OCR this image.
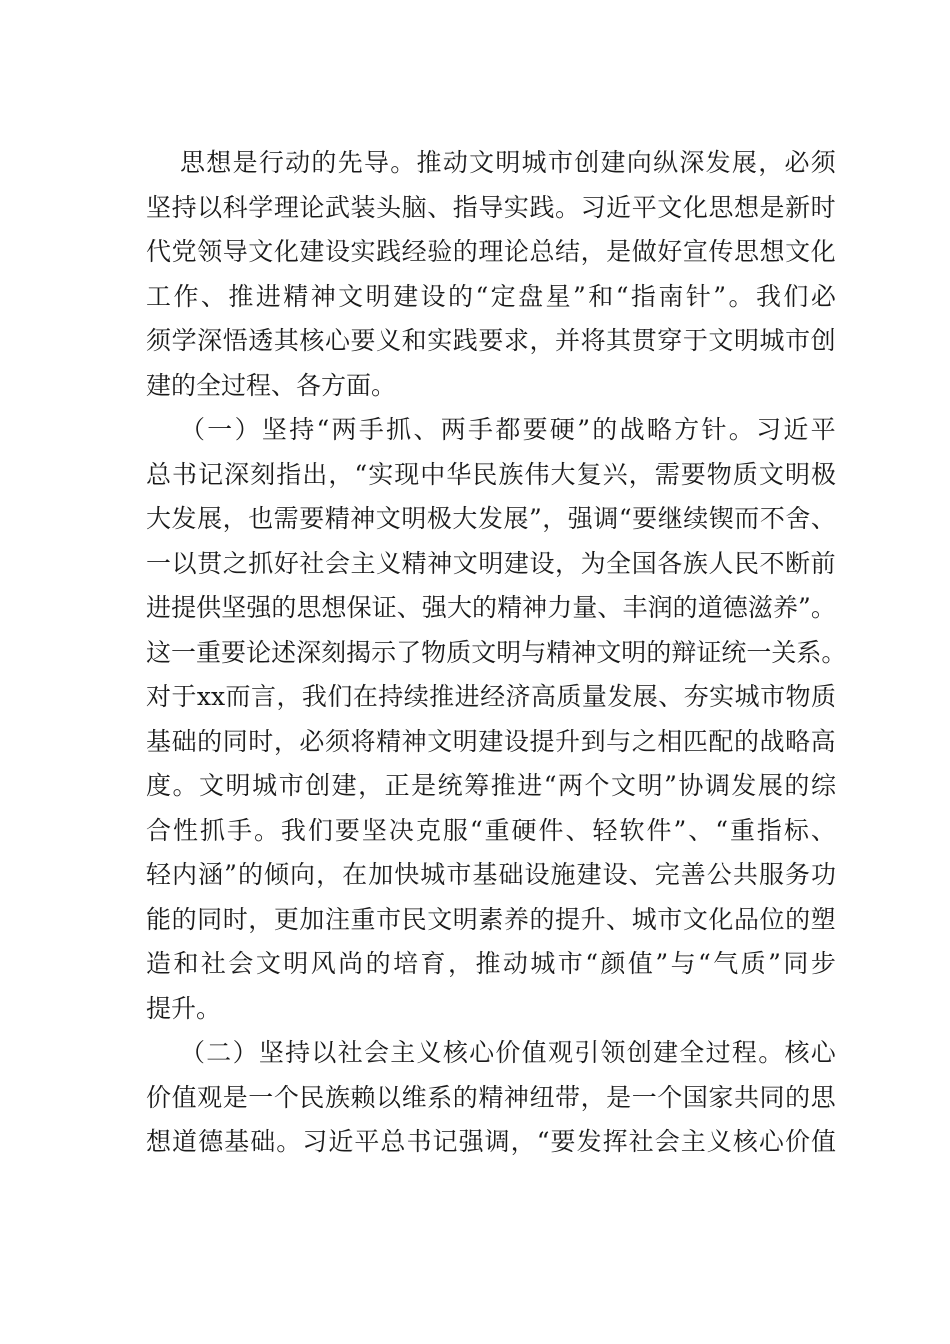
思 想 是 行 动 的 先 导 。 推 动 文 明 城 市 创 建 向 纵 深 发 展 ， 必 须
坚 持 以 科 学 理 论 武 装 头 脑 、 指 导 实 践 。 习 近 平 文 化 思 想 是 新 时
代 党 领 导 文 化 建 设 实 践 经 验 的 理 论 总 结 ， 是 做 好 宣 传 思 想 文 化
工 作 、 推 进 精 神 文 明 建 设 的 “ 定 盘 星 ” 和 “ 指 南 针 ” 。 我 们 必
须 学 深 悟 透 其 核 心 要 义 和 实 践 要 求 ， 并 将 其 贯 穿 于 文 明 城 市 创
建的全过程、各方面。
（ 一 ） 坚 持 “ 两 手 抓 、 两 手 都 要 硬 ” 的 战 略 方 针 。 习 近 平
总 书 记 深 刻 指 出 ， “ 实 现 中 华 民 族 伟 大 复 兴 ， 需 要 物 质 文 明 极
大 发 展 ， 也 需 要 精 神 文 明 极 大 发 展 ” ， 强 调 “ 要 继 续 锲 而 不 舍 、
一 以 贯 之 抓 好 社 会 主 义 精 神 文 明 建 设 ， 为 全 国 各 族 人 民 不 断 前
进 提 供 坚 强 的 思 想 保 证 、 强 大 的 精 神 力 量 、 丰 润 的 道 德 滋 养 ” 。
这 一 重 要 论 述 深 刻 揭 示 了 物 质 文 明 与 精 神 文 明 的 辩 证 统 一 关 系 。
对 于 xx 而 言 ， 我 们 在 持 续 推 进 经 济 高 质 量 发 展 、 夯 实 城 市 物 质
基 础 的 同 时 ， 必 须 将 精 神 文 明 建 设 提 升 到 与 之 相 匹 配 的 战 略 高
度 。 文 明 城 市 创 建 ， 正 是 统 筹 推 进 “ 两 个 文 明 ” 协 调 发 展 的 综
合 性 抓 手 。 我 们 要 坚 决 克 服 “ 重 硬 件 、 轻 软 件 ” 、 “ 重 指 标 、
轻 内 涵 ” 的 倾 向 ， 在 加 快 城 市 基 础 设 施 建 设 、 完 善 公 共 服 务 功
能 的 同 时 ， 更 加 注 重 市 民 文 明 素 养 的 提 升 、 城 市 文 化 品 位 的 塑
造 和 社 会 文 明 风 尚 的 培 育 ， 推 动 城 市 “ 颜 值 ” 与 “ 气 质 ” 同 步
提升。
（ 二 ） 坚 持 以 社 会 主 义 核 心 价 值 观 引 领 创 建 全 过 程 。 核 心
价 值 观 是 一 个 民 族 赖 以 维 系 的 精 神 纽 带 ， 是 一 个 国 家 共 同 的 思
想 道 德 基 础 。 习 近 平 总 书 记 强 调 ， “ 要 发 挥 社 会 主 义 核 心 价 值
